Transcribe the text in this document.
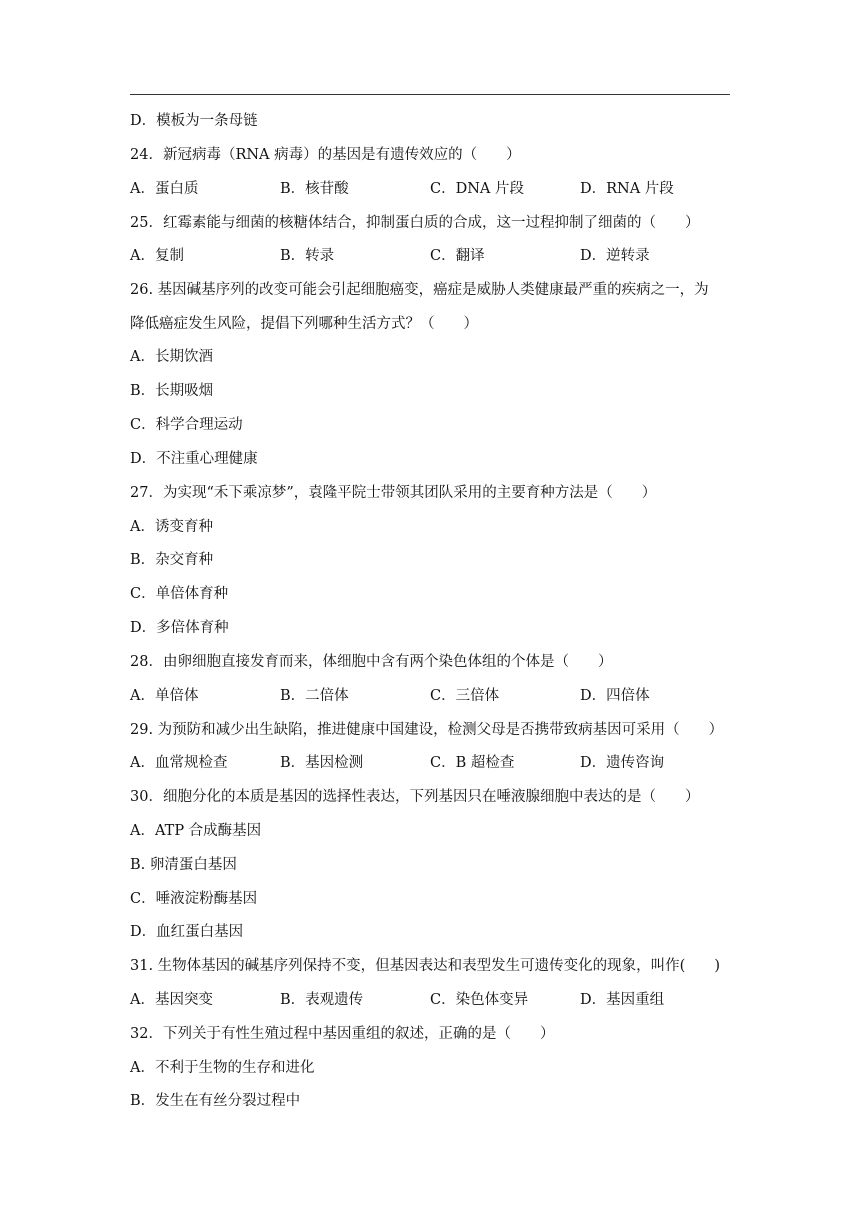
D．模板为一条母链
24．新冠病毒（RNA 病毒）的基因是有遗传效应的（　　）
A．蛋白质	B．核苷酸	C．DNA 片段	D．RNA 片段
25．红霉素能与细菌的核糖体结合，抑制蛋白质的合成，这一过程抑制了细菌的（　　）
A．复制	B．转录	C．翻译	D．逆转录
26. 基因碱基序列的改变可能会引起细胞癌变，癌症是威胁人类健康最严重的疾病之一，为
降低癌症发生风险，提倡下列哪种生活方式？（　　）
A．长期饮酒
B．长期吸烟
C．科学合理运动
D．不注重心理健康
27．为实现“禾下乘凉梦”，袁隆平院士带领其团队采用的主要育种方法是（　　）
A．诱变育种
B．杂交育种
C．单倍体育种
D．多倍体育种
28．由卵细胞直接发育而来，体细胞中含有两个染色体组的个体是（　　）
A．单倍体	B．二倍体	C．三倍体	D．四倍体
29. 为预防和减少出生缺陷，推进健康中国建设，检测父母是否携带致病基因可采用（　　）
A．血常规检查	B．基因检测	C．B 超检查	D．遗传咨询
30．细胞分化的本质是基因的选择性表达，下列基因只在唾液腺细胞中表达的是（　　）
A．ATP 合成酶基因
B. 卵清蛋白基因
C．唾液淀粉酶基因
D．血红蛋白基因
31. 生物体基因的碱基序列保持不变，但基因表达和表型发生可遗传变化的现象，叫作(　　)
A．基因突变	B．表观遗传	C．染色体变异	D．基因重组
32．下列关于有性生殖过程中基因重组的叙述，正确的是（　　）
A．不利于生物的生存和进化
B．发生在有丝分裂过程中
